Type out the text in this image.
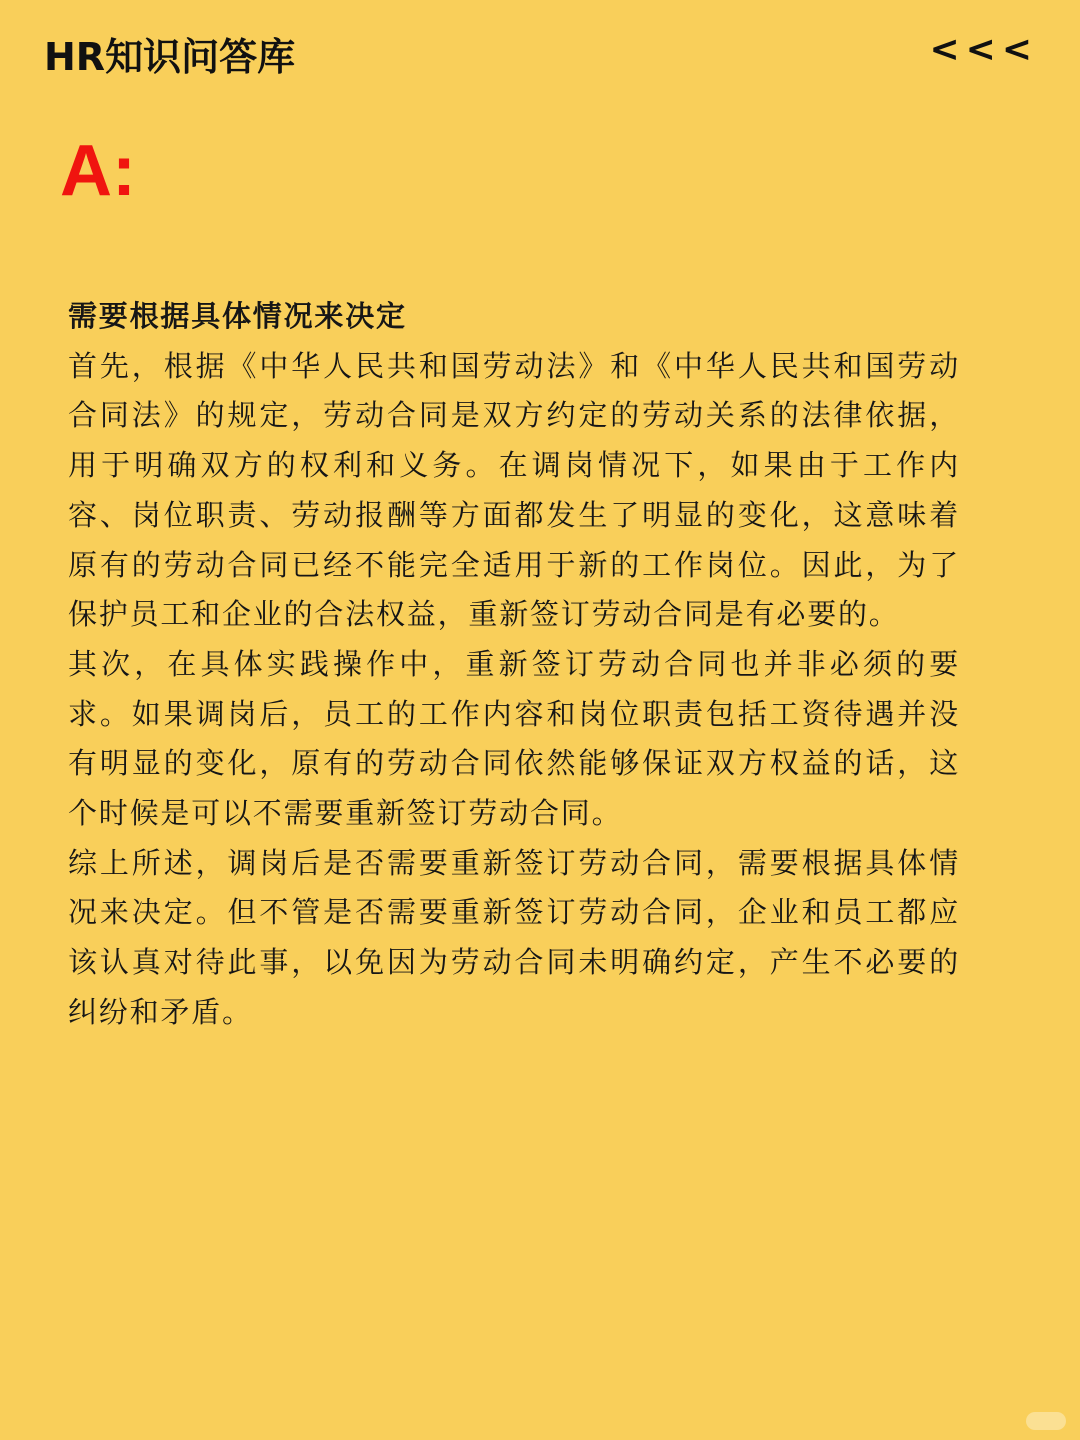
HR知识问答库	<<<
A:

需要根据具体情况来决定

首先，根据《中华人民共和国劳动法》和《中华人民共和国劳动合同法》的规定，劳动合同是双方约定的劳动关系的法律依据，用于明确双方的权利和义务。在调岗情况下，如果由于工作内容、岗位职责、劳动报酬等方面都发生了明显的变化，这意味着原有的劳动合同已经不能完全适用于新的工作岗位。因此，为了保护员工和企业的合法权益，重新签订劳动合同是有必要的。

其次，在具体实践操作中，重新签订劳动合同也并非必须的要求。如果调岗后，员工的工作内容和岗位职责包括工资待遇并没有明显的变化，原有的劳动合同依然能够保证双方权益的话，这个时候是可以不需要重新签订劳动合同。

综上所述，调岗后是否需要重新签订劳动合同，需要根据具体情况来决定。但不管是否需要重新签订劳动合同，企业和员工都应该认真对待此事，以免因为劳动合同未明确约定，产生不必要的纠纷和矛盾。
